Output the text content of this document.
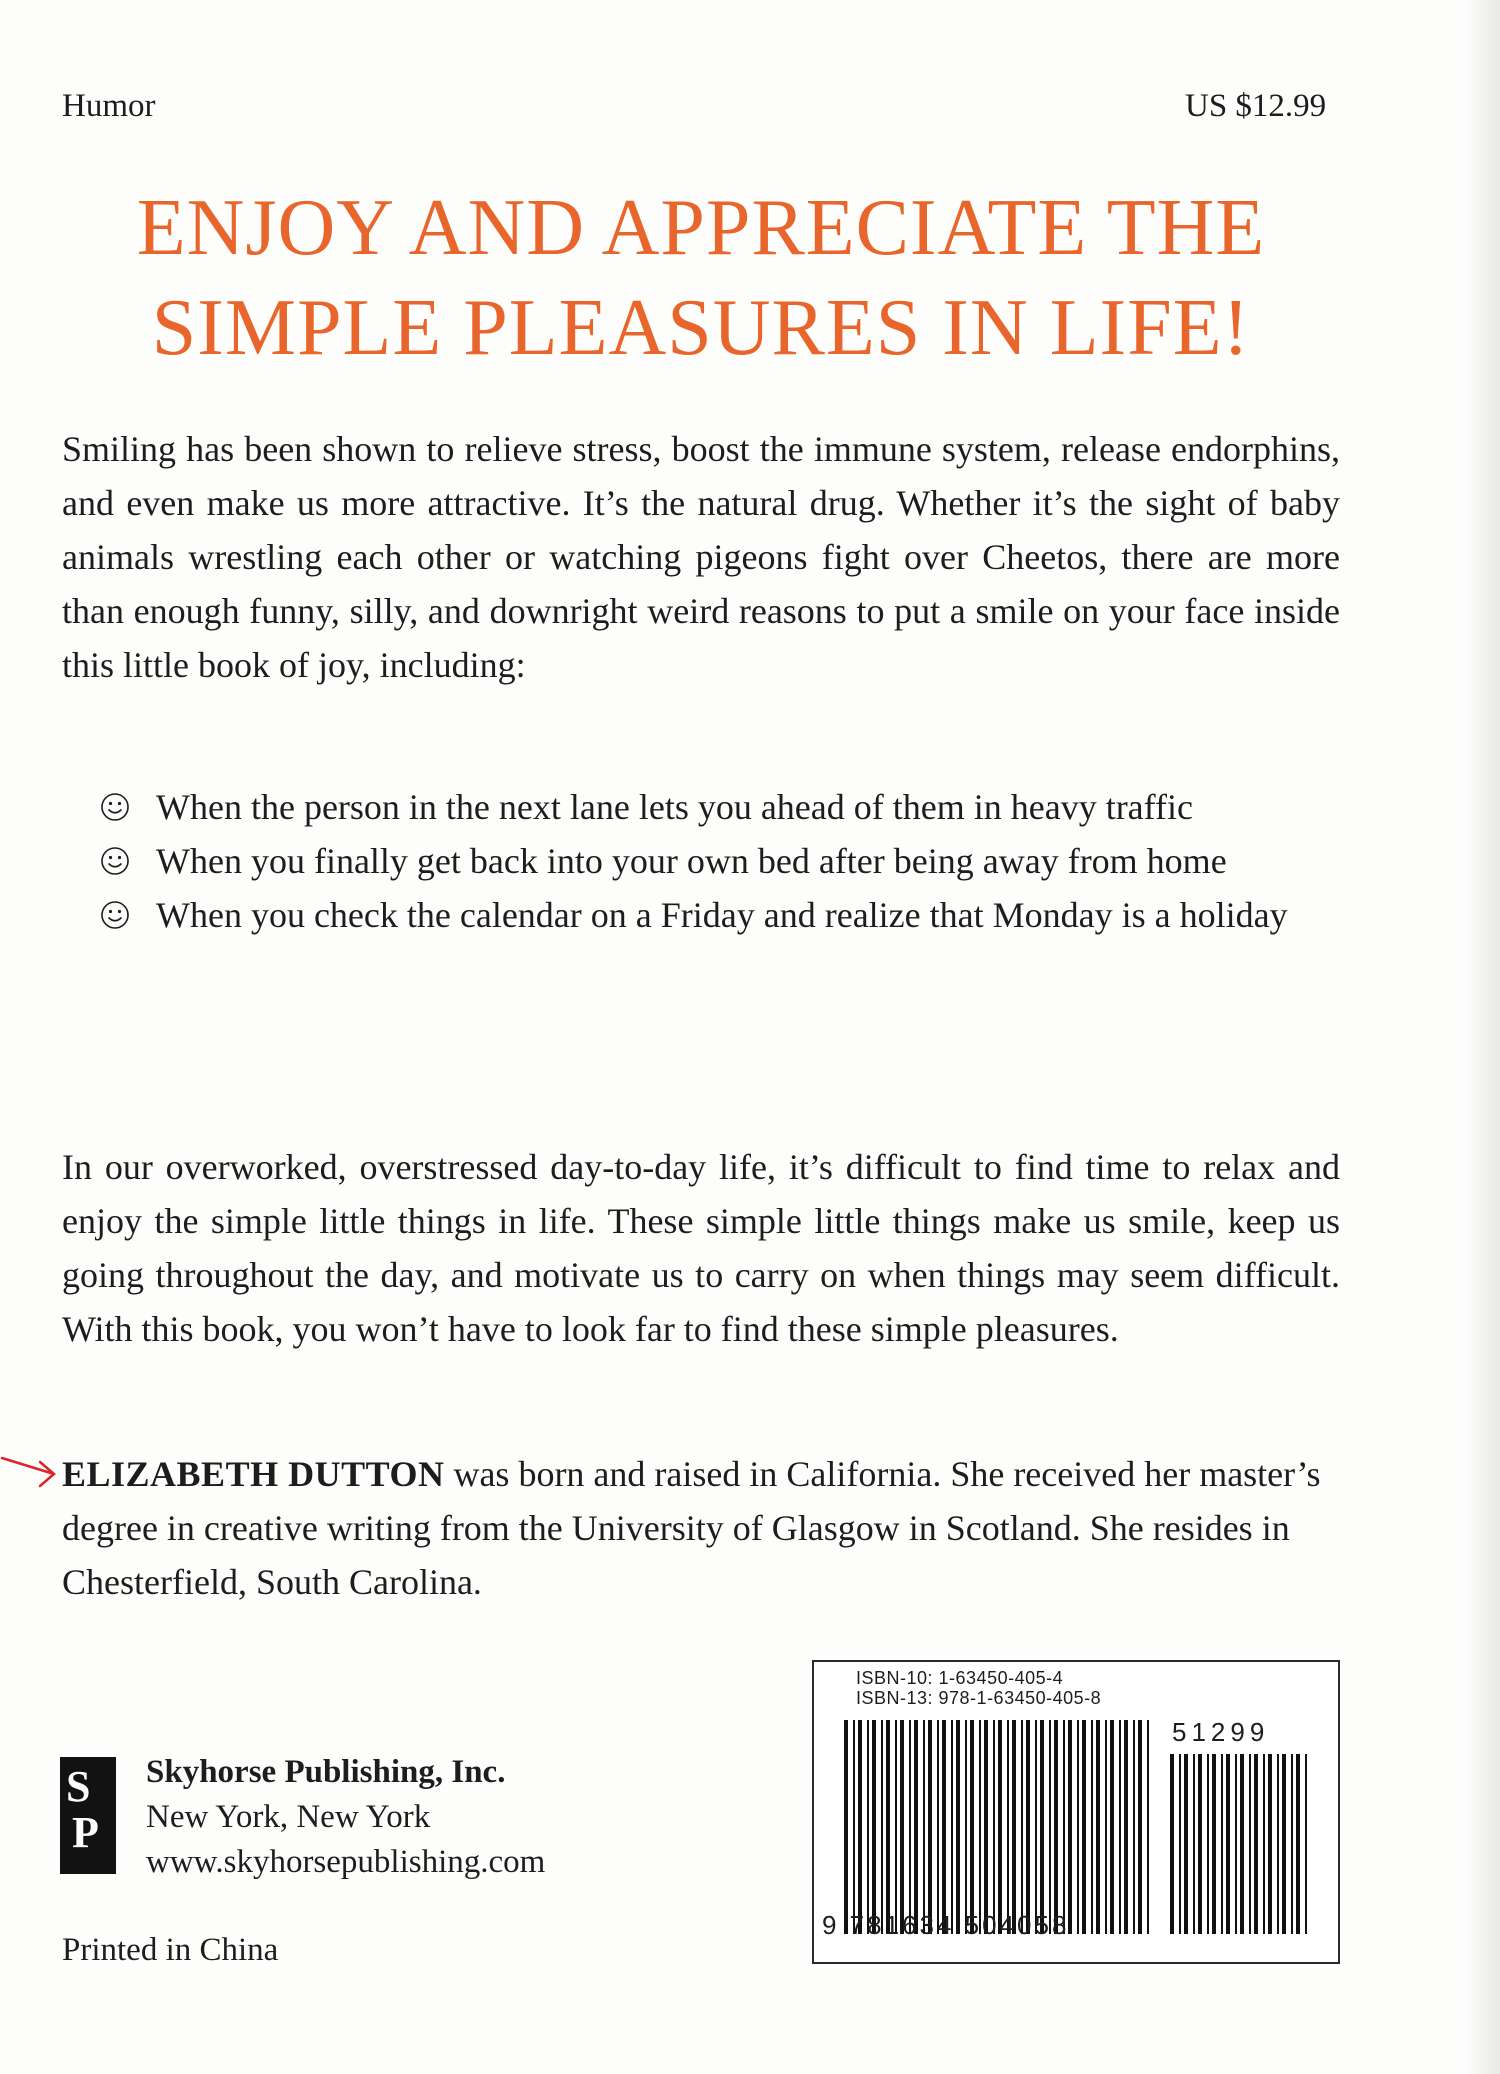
Humor	US $12.99
ENJOY AND APPRECIATE THE
SIMPLE PLEASURES IN LIFE!
Smiling has been shown to relieve stress, boost the immune system, release endorphins, and even make us more attractive. It’s the natural drug. Whether it’s the sight of baby animals wrestling each other or watching pigeons fight over Cheetos, there are more than enough funny, silly, and downright weird reasons to put a smile on your face inside this little book of joy, including:
When the person in the next lane lets you ahead of them in heavy traffic
When you finally get back into your own bed after being away from home
When you check the calendar on a Friday and realize that Monday is a holiday
In our overworked, overstressed day-to-day life, it’s difficult to find time to relax and enjoy the simple little things in life. These simple little things make us smile, keep us going throughout the day, and motivate us to carry on when things may seem difficult. With this book, you won’t have to look far to find these simple pleasures.
ELIZABETH DUTTON was born and raised in California. She received her master’s degree in creative writing from the University of Glasgow in Scotland. She resides in Chesterfield, South Carolina.
S
P
Skyhorse Publishing, Inc.
New York, New York
www.skyhorsepublishing.com
Printed in China
ISBN-10: 1-63450-405-4
ISBN-13: 978-1-63450-405-8
51299
9 781634 504058
